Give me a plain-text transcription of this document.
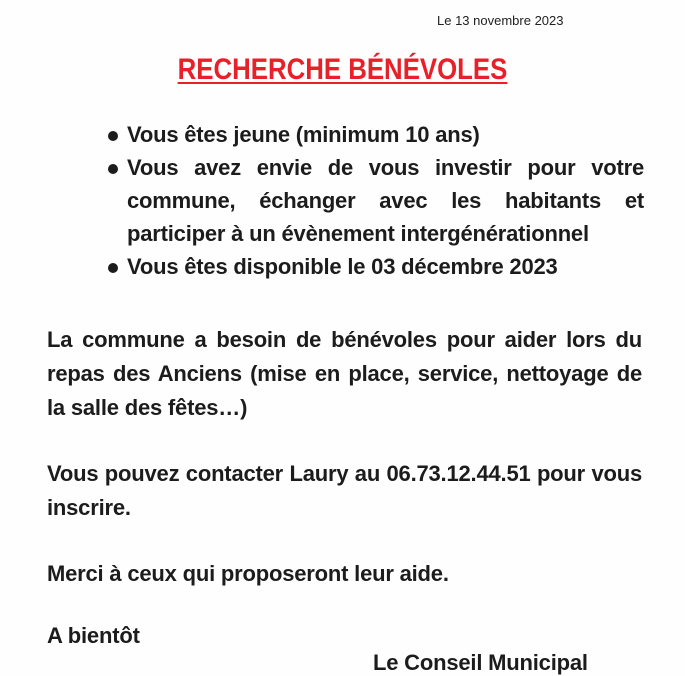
Le 13 novembre 2023
RECHERCHE BÉNÉVOLES
Vous êtes jeune (minimum 10 ans)
Vous avez envie de vous investir pour votre commune, échanger avec les habitants et participer à un évènement intergénérationnel
Vous êtes disponible le 03 décembre 2023

La commune a besoin de bénévoles pour aider lors du repas des Anciens (mise en place, service, nettoyage de la salle des fêtes…)

Vous pouvez contacter Laury au 06.73.12.44.51 pour vous inscrire.

Merci à ceux qui proposeront leur aide.

A bientôt

Le Conseil Municipal
